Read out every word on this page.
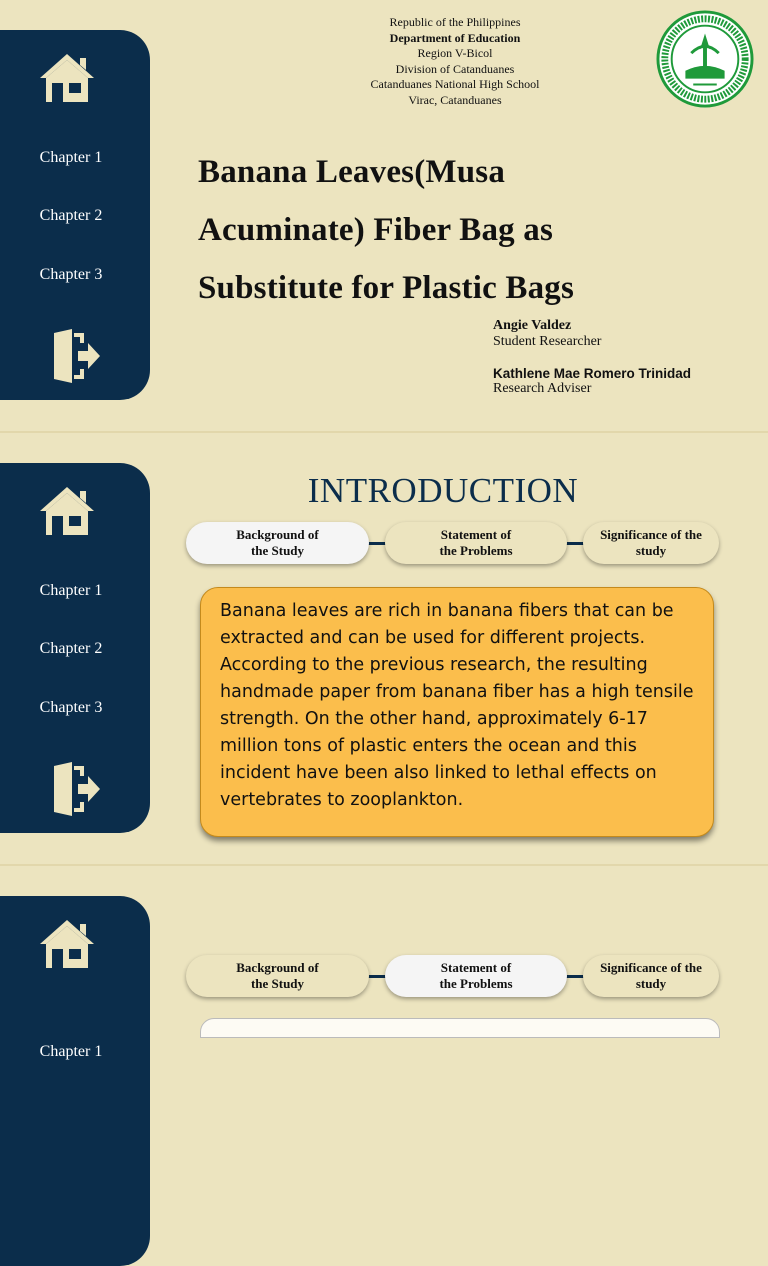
Chapter 1
Chapter 2
Chapter 3
Republic of the Philippines
Department of Education
Region V-Bicol
Division of Catanduanes
Catanduanes National High School
Virac, Catanduanes
Banana Leaves(Musa
Acuminate) Fiber Bag as
Substitute for Plastic Bags
Angie Valdez
Student Researcher
Kathlene Mae Romero Trinidad
Research Adviser
Chapter 1
Chapter 2
Chapter 3
INTRODUCTION
Background of
the Study
Statement of
the Problems
Significance of the
study
Banana leaves are rich in banana fibers that can be extracted and can be used for different projects. According to the previous research, the resulting handmade paper from banana fiber has a high tensile strength. On the other hand, approximately 6-17 million tons of plastic enters the ocean and this incident have been also linked to lethal effects on vertebrates to zooplankton.
Chapter 1
Background of
the Study
Statement of
the Problems
Significance of the
study
